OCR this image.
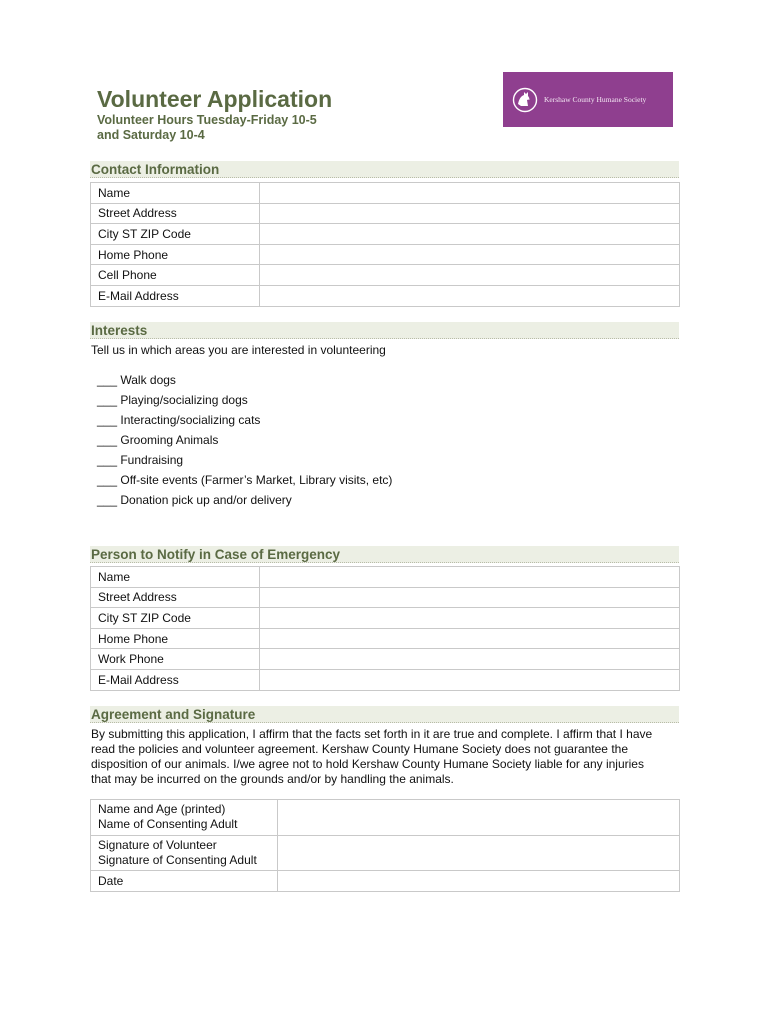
Volunteer Application
Volunteer Hours Tuesday-Friday 10-5
and Saturday 10-4
Kershaw County Humane Society
Contact Information
Name	
Street Address	
City ST ZIP Code	
Home Phone	
Cell Phone	
E-Mail Address	
Interests
Tell us in which areas you are interested in volunteering
___ Walk dogs
___ Playing/socializing dogs
___ Interacting/socializing cats
___ Grooming Animals
___ Fundraising
___ Off-site events (Farmer’s Market, Library visits, etc)
___ Donation pick up and/or delivery
Person to Notify in Case of Emergency
Name	
Street Address	
City ST ZIP Code	
Home Phone	
Work Phone	
E-Mail Address	
Agreement and Signature
By submitting this application, I affirm that the facts set forth in it are true and complete. I affirm that I have
read the policies and volunteer agreement. Kershaw County Humane Society does not guarantee the
disposition of our animals. I/we agree not to hold Kershaw County Humane Society liable for any injuries
that may be incurred on the grounds and/or by handling the animals.
Name and Age (printed)
Name of Consenting Adult	

Signature of Volunteer
Signature of Consenting Adult	

Date	
